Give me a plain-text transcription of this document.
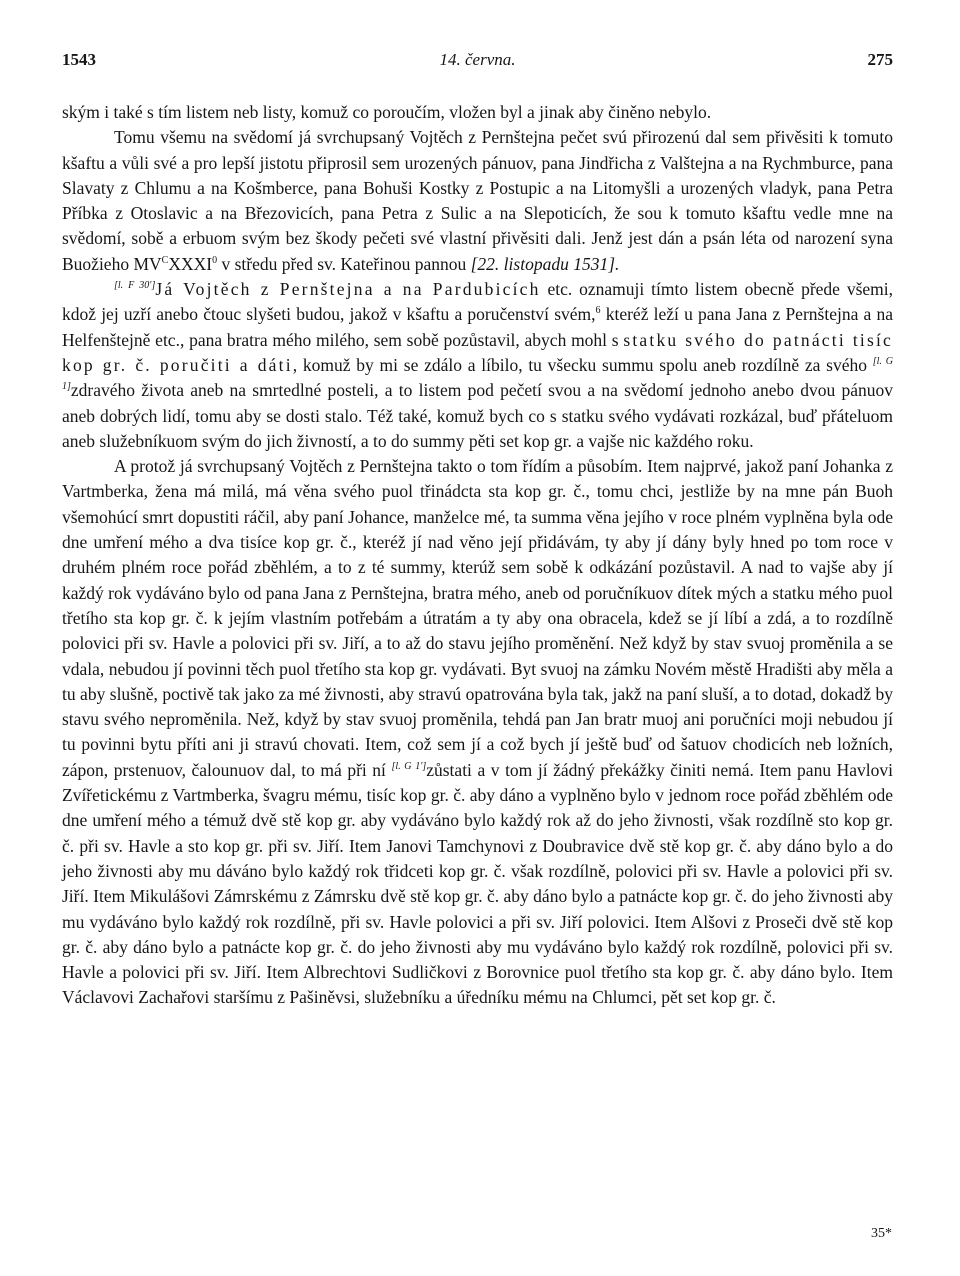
1543	14. června.	275

ským i také s tím listem neb listy, komuž co poroučím, vložen byl a jinak aby činěno nebylo.

Tomu všemu na svědomí já svrchupsaný Vojtěch z Pernštejna pečet svú přirozenú dal sem přivěsiti k tomuto kšaftu a vůli své a pro lepší jistotu připrosil sem urozených pánuov, pana Jindřicha z Valštejna a na Rychmburce, pana Slavaty z Chlumu a na Košmberce, pana Bohuši Kostky z Postupic a na Litomyšli a urozených vladyk, pana Petra Příbka z Otoslavic a na Březovicích, pana Petra z Sulic a na Slepoticích, že sou k tomuto kšaftu vedle mne na svědomí, sobě a erbuom svým bez škody pečeti své vlastní přivěsiti dali. Jenž jest dán a psán léta od narození syna Buožieho $MV^CXXXI^0$ v středu před sv. Kateřinou pannou [22. listopadu 1531].

[l. F 30']Já Vojtěch z Pernštejna a na Pardubicích etc. oznamuji tímto listem obecně přede všemi, kdož jej uzří anebo čtouc slyšeti budou, jakož v kšaftu a poručenství svém,$^6$ kteréž leží u pana Jana z Pernštejna a na Helfenštejně etc., pana bratra mého milého, sem sobě pozůstavil, abych mohl s statku svého do patnácti tisíc kop gr. č. poručiti a dáti, komuž by mi se zdálo a líbilo, tu všecku summu spolu aneb rozdílně za svého [l. G 1]zdravého života aneb na smrtedlné posteli, a to listem pod pečetí svou a na svědomí jednoho anebo dvou pánuov aneb dobrých lidí, tomu aby se dosti stalo. Též také, komuž bych co s statku svého vydávati rozkázal, buď přáteluom aneb služebníkuom svým do jich živností, a to do summy pěti set kop gr. a vajše nic každého roku.

A protož já svrchupsaný Vojtěch z Pernštejna takto o tom řídím a působím. Item najprvé, jakož paní Johanka z Vartmberka, žena má milá, má věna svého puol třinádcta sta kop gr. č., tomu chci, jestliže by na mne pán Buoh všemohúcí smrt dopustiti ráčil, aby paní Johance, manželce mé, ta summa věna jejího v roce plném vyplněna byla ode dne umření mého a dva tisíce kop gr. č., kteréž jí nad věno její přidávám, ty aby jí dány byly hned po tom roce v druhém plném roce pořád zběhlém, a to z té summy, kterúž sem sobě k odkázání pozůstavil. A nad to vajše aby jí každý rok vydáváno bylo od pana Jana z Pernštejna, bratra mého, aneb od poručníkuov dítek mých a statku mého puol třetího sta kop gr. č. k jejím vlastním potřebám a útratám a ty aby ona obracela, kdež se jí líbí a zdá, a to rozdílně polovici při sv. Havle a polovici při sv. Jiří, a to až do stavu jejího proměnění. Než když by stav svuoj proměnila a se vdala, nebudou jí povinni těch puol třetího sta kop gr. vydávati. Byt svuoj na zámku Novém městě Hradišti aby měla a tu aby slušně, poctivě tak jako za mé živnosti, aby stravú opatrována byla tak, jakž na paní sluší, a to dotad, dokadž by stavu svého neproměnila. Než, když by stav svuoj proměnila, tehdá pan Jan bratr muoj ani poručníci moji nebudou jí tu povinni bytu příti ani ji stravú chovati. Item, což sem jí a což bych jí ještě buď od šatuov chodicích neb ložních, zápon, prstenuov, čalounuov dal, to má při ní [l. G 1']zůstati a v tom jí žádný překážky činiti nemá. Item panu Havlovi Zvířetickému z Vartmberka, švagru mému, tisíc kop gr. č. aby dáno a vyplněno bylo v jednom roce pořád zběhlém ode dne umření mého a témuž dvě stě kop gr. aby vydáváno bylo každý rok až do jeho živnosti, však rozdílně sto kop gr. č. při sv. Havle a sto kop gr. při sv. Jiří. Item Janovi Tamchynovi z Doubravice dvě stě kop gr. č. aby dáno bylo a do jeho živnosti aby mu dáváno bylo každý rok třidceti kop gr. č. však rozdílně, polovici při sv. Havle a polovici při sv. Jiří. Item Mikulášovi Zámrskému z Zámrsku dvě stě kop gr. č. aby dáno bylo a patnácte kop gr. č. do jeho živnosti aby mu vydáváno bylo každý rok rozdílně, při sv. Havle polovici a při sv. Jiří polovici. Item Alšovi z Proseči dvě stě kop gr. č. aby dáno bylo a patnácte kop gr. č. do jeho živnosti aby mu vydáváno bylo každý rok rozdílně, polovici při sv. Havle a polovici při sv. Jiří. Item Albrechtovi Sudličkovi z Borovnice puol třetího sta kop gr. č. aby dáno bylo. Item Václavovi Zachařovi staršímu z Pašiněvsi, služebníku a úředníku mému na Chlumci, pět set kop gr. č.

35*
